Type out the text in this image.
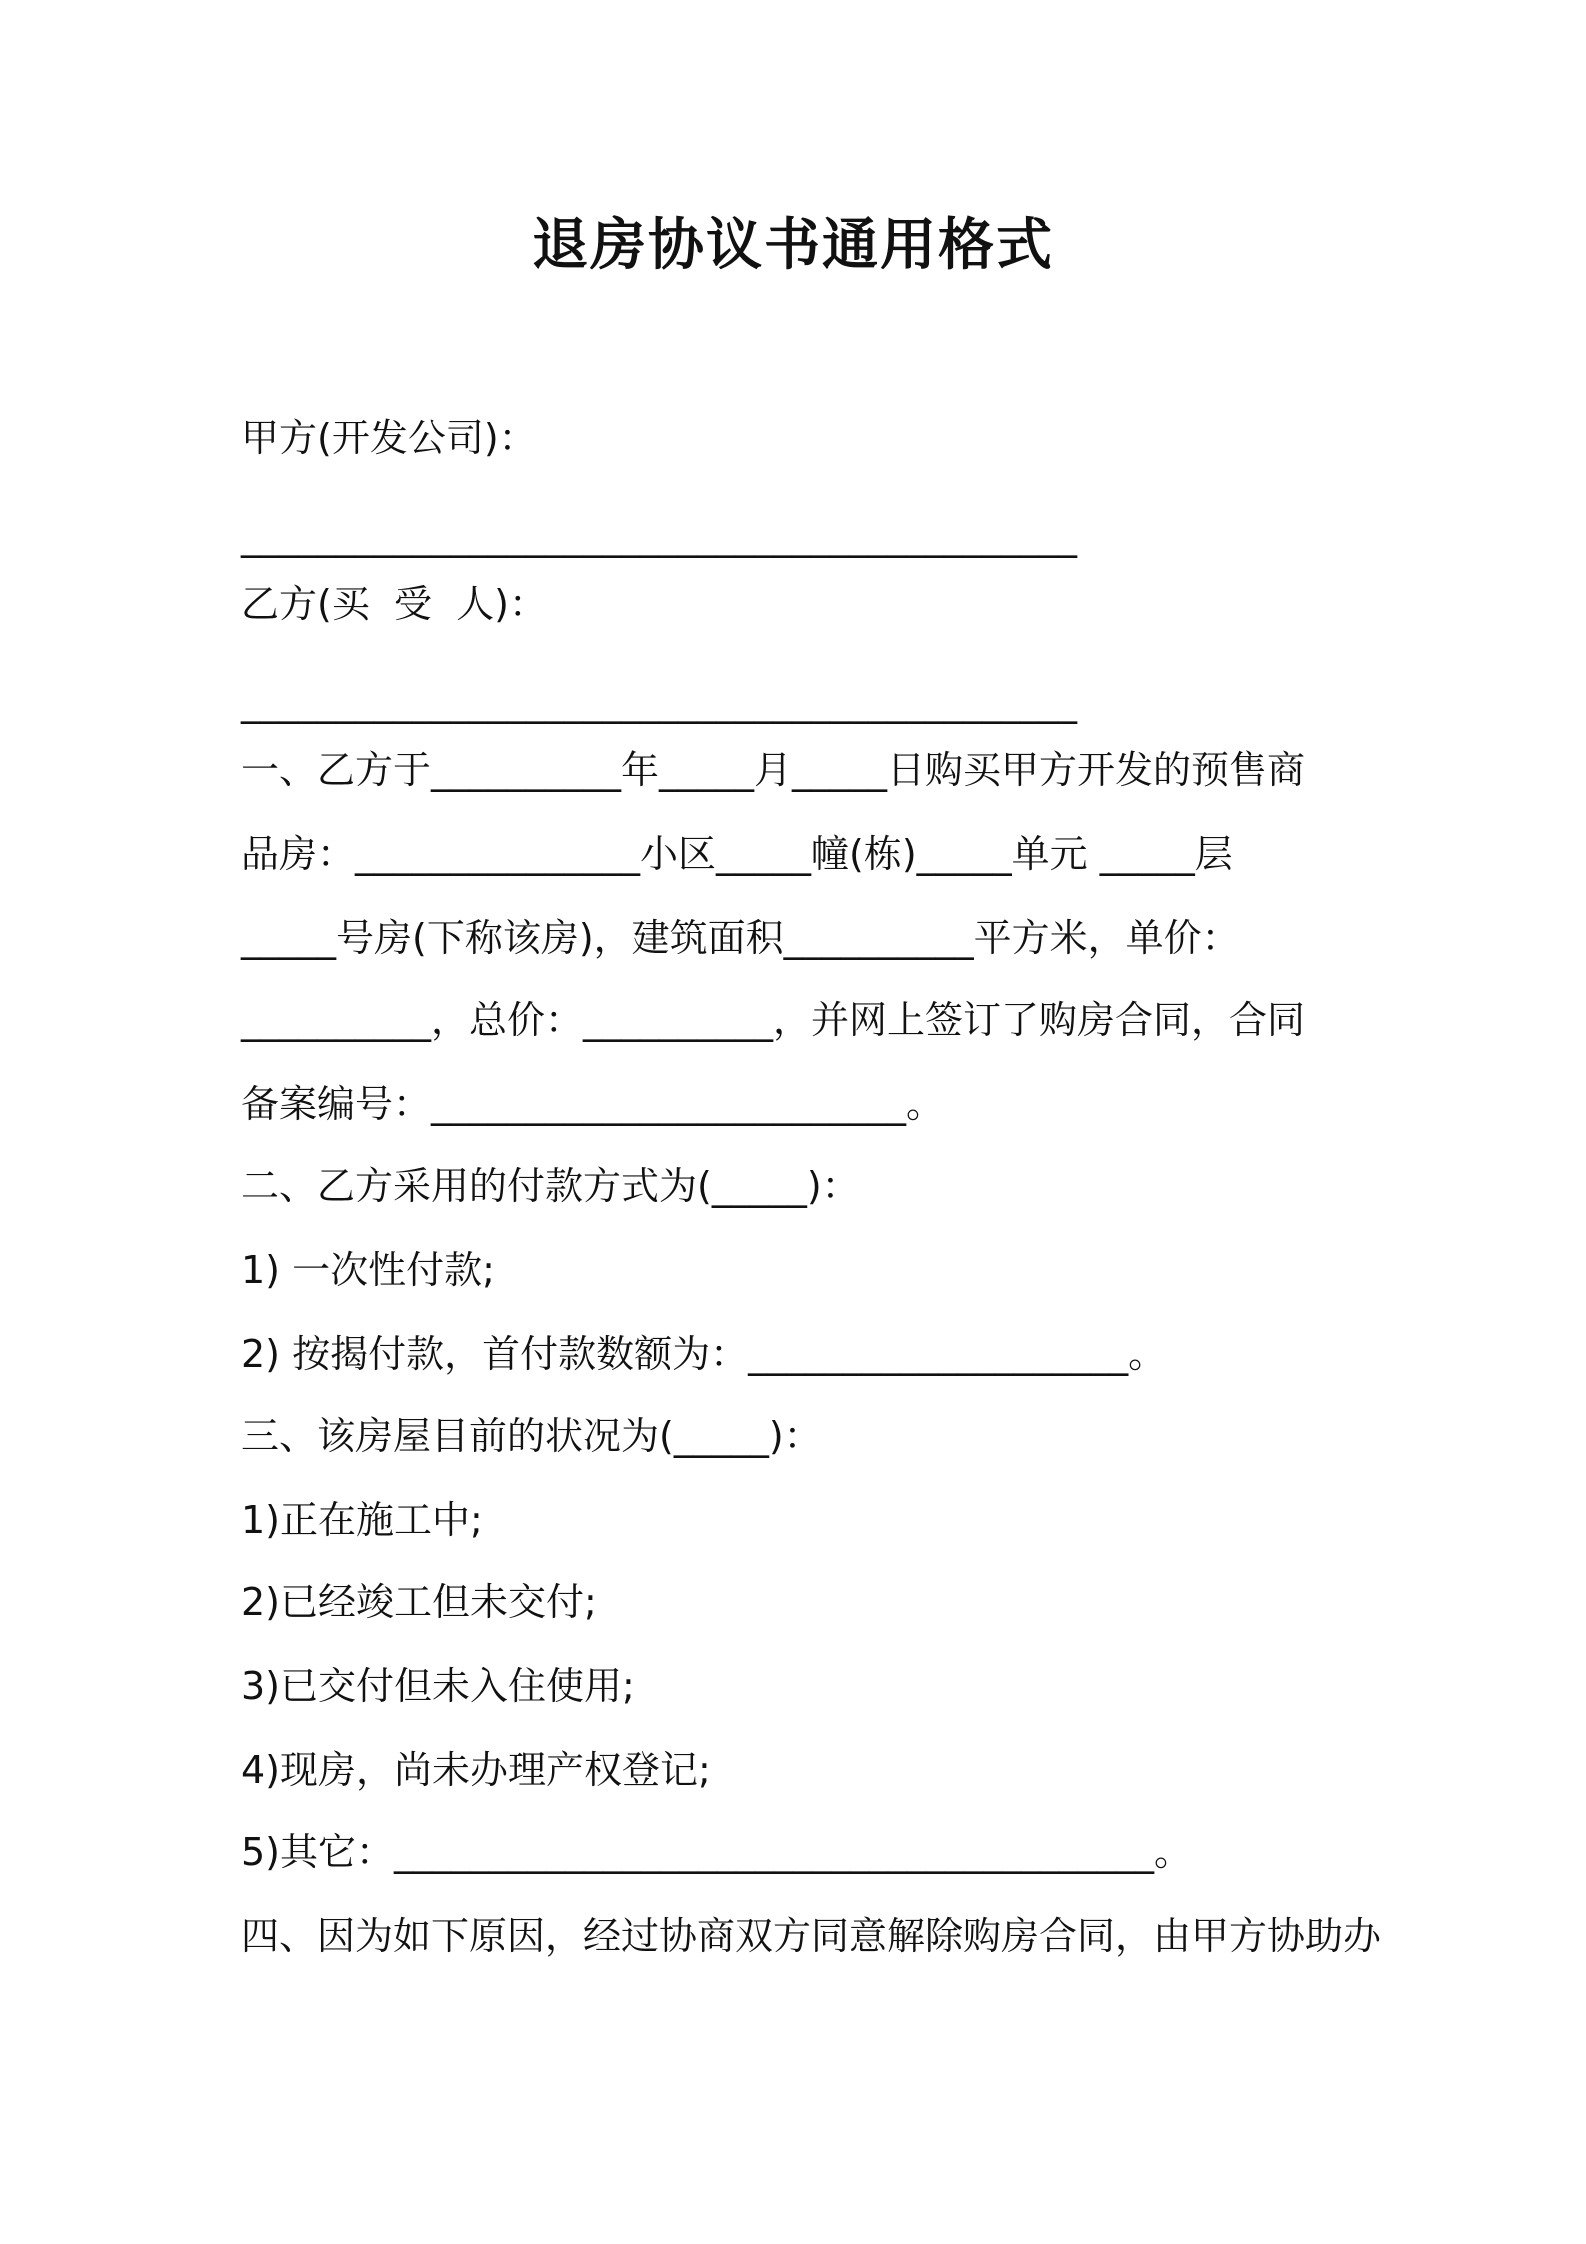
退房协议书通用格式
甲方(开发公司)：
____________________________________________
乙方(买  受  人)：
____________________________________________
一、乙方于__________年_____月_____日购买甲方开发的预售商
品房：_______________小区_____幢(栋)_____单元 _____层
_____号房(下称该房)，建筑面积__________平方米，单价：
__________，总价：__________，并网上签订了购房合同，合同
备案编号：_________________________。
二、乙方采用的付款方式为(_____)：
1) 一次性付款;
2) 按揭付款，首付款数额为：____________________。
三、该房屋目前的状况为(_____)：
1)正在施工中;
2)已经竣工但未交付;
3)已交付但未入住使用;
4)现房，尚未办理产权登记;
5)其它：________________________________________。
四、因为如下原因，经过协商双方同意解除购房合同，由甲方协助办
